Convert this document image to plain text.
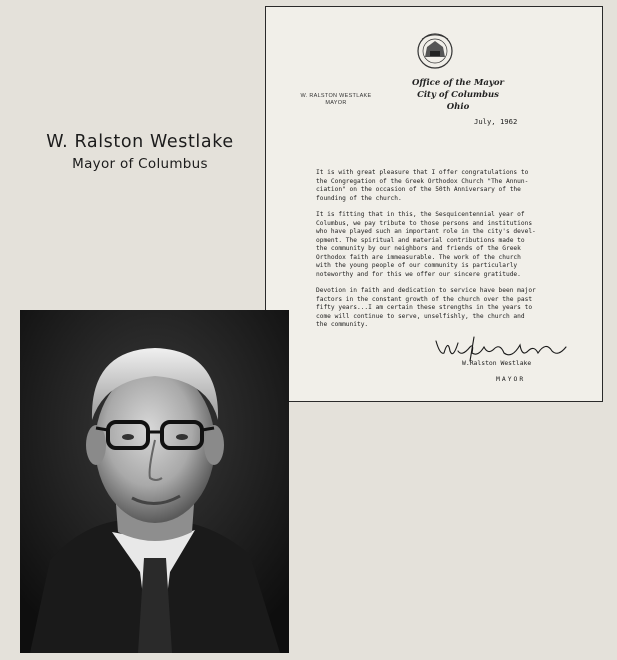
W. Ralston Westlake
Mayor of Columbus
Office of the Mayor
City of Columbus
Ohio
W. RALSTON WESTLAKE
MAYOR
July, 1962

It is with great pleasure that I offer congratulations to
the Congregation of the Greek Orthodox Church "The Annun-
ciation" on the occasion of the 50th Anniversary of the
founding of the church.

It is fitting that in this, the Sesquicentennial year of
Columbus, we pay tribute to those persons and institutions
who have played such an important role in the city's devel-
opment. The spiritual and material contributions made to
the community by our neighbors and friends of the Greek
Orthodox faith are immeasurable. The work of the church
with the young people of our community is particularly
noteworthy and for this we offer our sincere gratitude.

Devotion in faith and dedication to service have been major
factors in the constant growth of the church over the past
fifty years...I am certain these strengths in the years to
come will continue to serve, unselfishly, the church and
the community.

W.Ralston Westlake
MAYOR
